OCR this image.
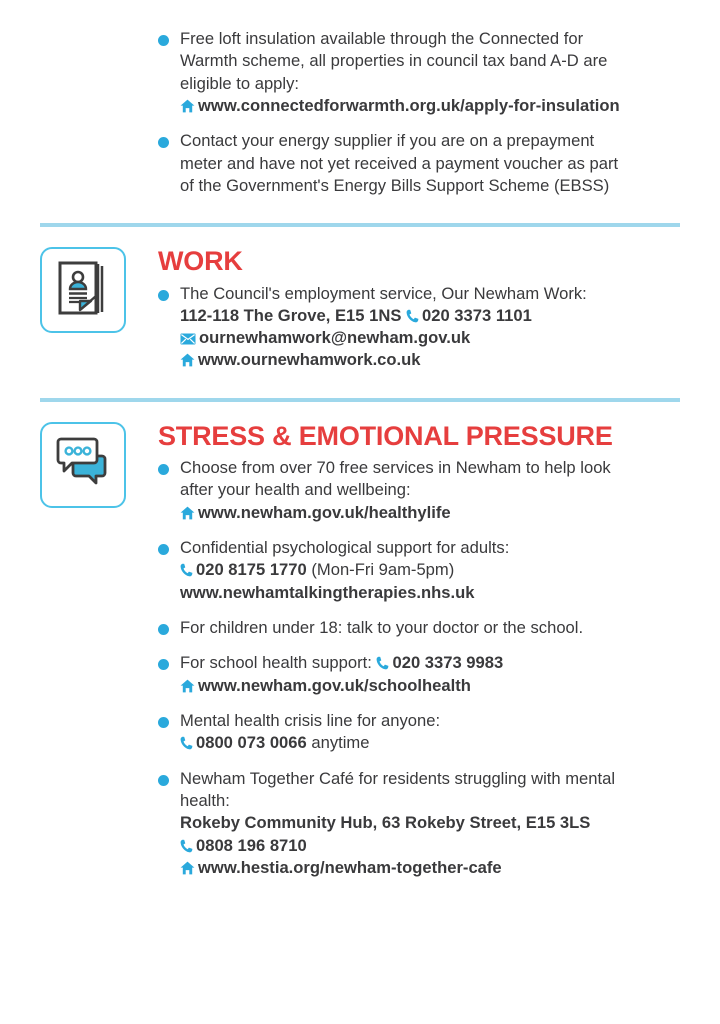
Free loft insulation available through the Connected for
Warmth scheme, all properties in council tax band A-D are
eligible to apply:
www.connectedforwarmth.org.uk/apply-for-insulation
Contact your energy supplier if you are on a prepayment
meter and have not yet received a payment voucher as part
of the Government's Energy Bills Support Scheme (EBSS)
WORK
The Council's employment service, Our Newham Work:
112-118 The Grove, E15 1NS 020 3373 1101
ournewhamwork@newham.gov.uk
www.ournewhamwork.co.uk
STRESS & EMOTIONAL PRESSURE
Choose from over 70 free services in Newham to help look
after your health and wellbeing:
www.newham.gov.uk/healthylife
Confidential psychological support for adults:
020 8175 1770 (Mon-Fri 9am-5pm)
www.newhamtalkingtherapies.nhs.uk
For children under 18: talk to your doctor or the school.
For school health support: 020 3373 9983
www.newham.gov.uk/schoolhealth
Mental health crisis line for anyone:
0800 073 0066 anytime
Newham Together Café for residents struggling with mental
health:
Rokeby Community Hub, 63 Rokeby Street, E15 3LS
0808 196 8710
www.hestia.org/newham-together-cafe
